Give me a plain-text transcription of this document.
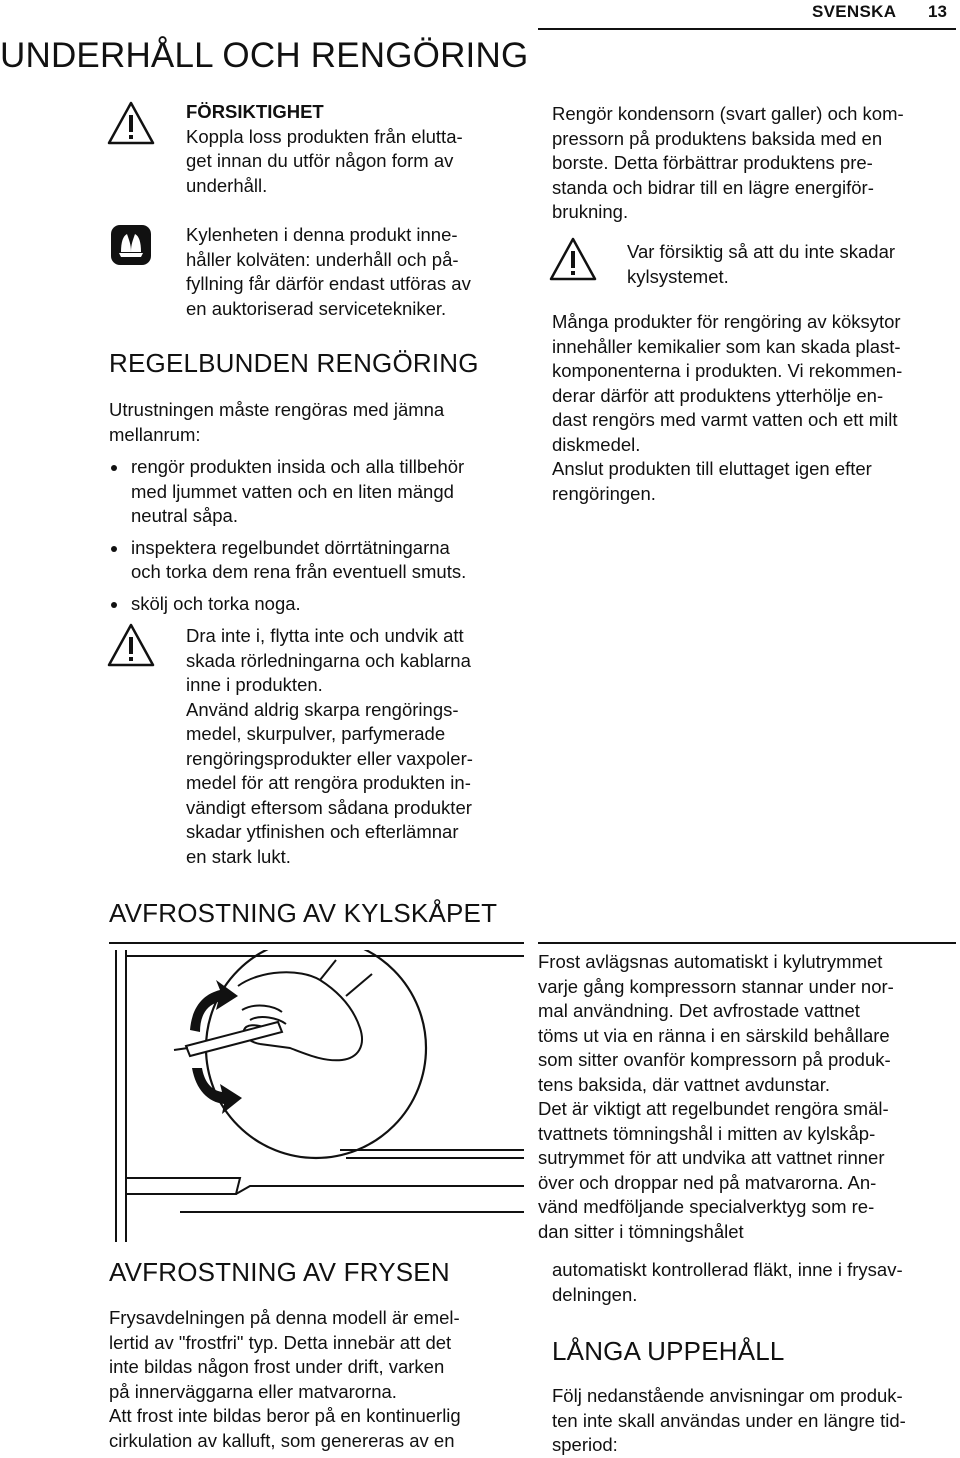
SVENSKA 13
UNDERHÅLL OCH RENGÖRING

FÖRSIKTIGHET

Koppla loss produkten från elutta-
get innan du utför någon form av
underhåll.

Kylenheten i denna produkt inne-
håller kolväten: underhåll och på-
fyllning får därför endast utföras av
en auktoriserad servicetekniker.
REGELBUNDEN RENGÖRING

Utrustningen måste rengöras med jämna
mellanrum:

rengör produkten insida och alla tillbehör
med ljummet vatten och en liten mängd
neutral såpa.
inspektera regelbundet dörrtätningarna
och torka dem rena från eventuell smuts.
skölj och torka noga.
Dra inte i, flytta inte och undvik att
skada rörledningarna och kablarna
inne i produkten.
Använd aldrig skarpa rengörings-
medel, skurpulver, parfymerade
rengöringsprodukter eller vaxpoler-
medel för att rengöra produkten in-
vändigt eftersom sådana produkter
skadar ytfinishen och efterlämnar
en stark lukt.
Rengör kondensorn (svart galler) och kom-
pressorn på produktens baksida med en
borste. Detta förbättrar produktens pre-
standa och bidrar till en lägre energiför-
brukning.
Var försiktig så att du inte skadar
kylsystemet.
Många produkter för rengöring av köksytor
innehåller kemikalier som kan skada plast-
komponenterna i produkten. Vi rekommen-
derar därför att produktens ytterhölje en-
dast rengörs med varmt vatten och ett milt
diskmedel.
Anslut produkten till eluttaget igen efter
rengöringen.
AVFROSTNING AV KYLSKÅPET
Frost avlägsnas automatiskt i kylutrymmet
varje gång kompressorn stannar under nor-
mal användning. Det avfrostade vattnet
töms ut via en ränna i en särskild behållare
som sitter ovanför kompressorn på produk-
tens baksida, där vattnet avdunstar.
Det är viktigt att regelbundet rengöra smäl-
tvattnets tömningshål i mitten av kylskåp-
sutrymmet för att undvika att vattnet rinner
över och droppar ned på matvarorna. An-
vänd medföljande specialverktyg som re-
dan sitter i tömningshålet
AVFROSTNING AV FRYSEN
Frysavdelningen på denna modell är emel-
lertid av "frostfri" typ. Detta innebär att det
inte bildas någon frost under drift, varken
på innerväggarna eller matvarorna.
Att frost inte bildas beror på en kontinuerlig
cirkulation av kalluft, som genereras av en
automatiskt kontrollerad fläkt, inne i frysav-
delningen.
LÅNGA UPPEHÅLL
Följ nedanstående anvisningar om produk-
ten inte skall användas under en längre tid-
speriod:
